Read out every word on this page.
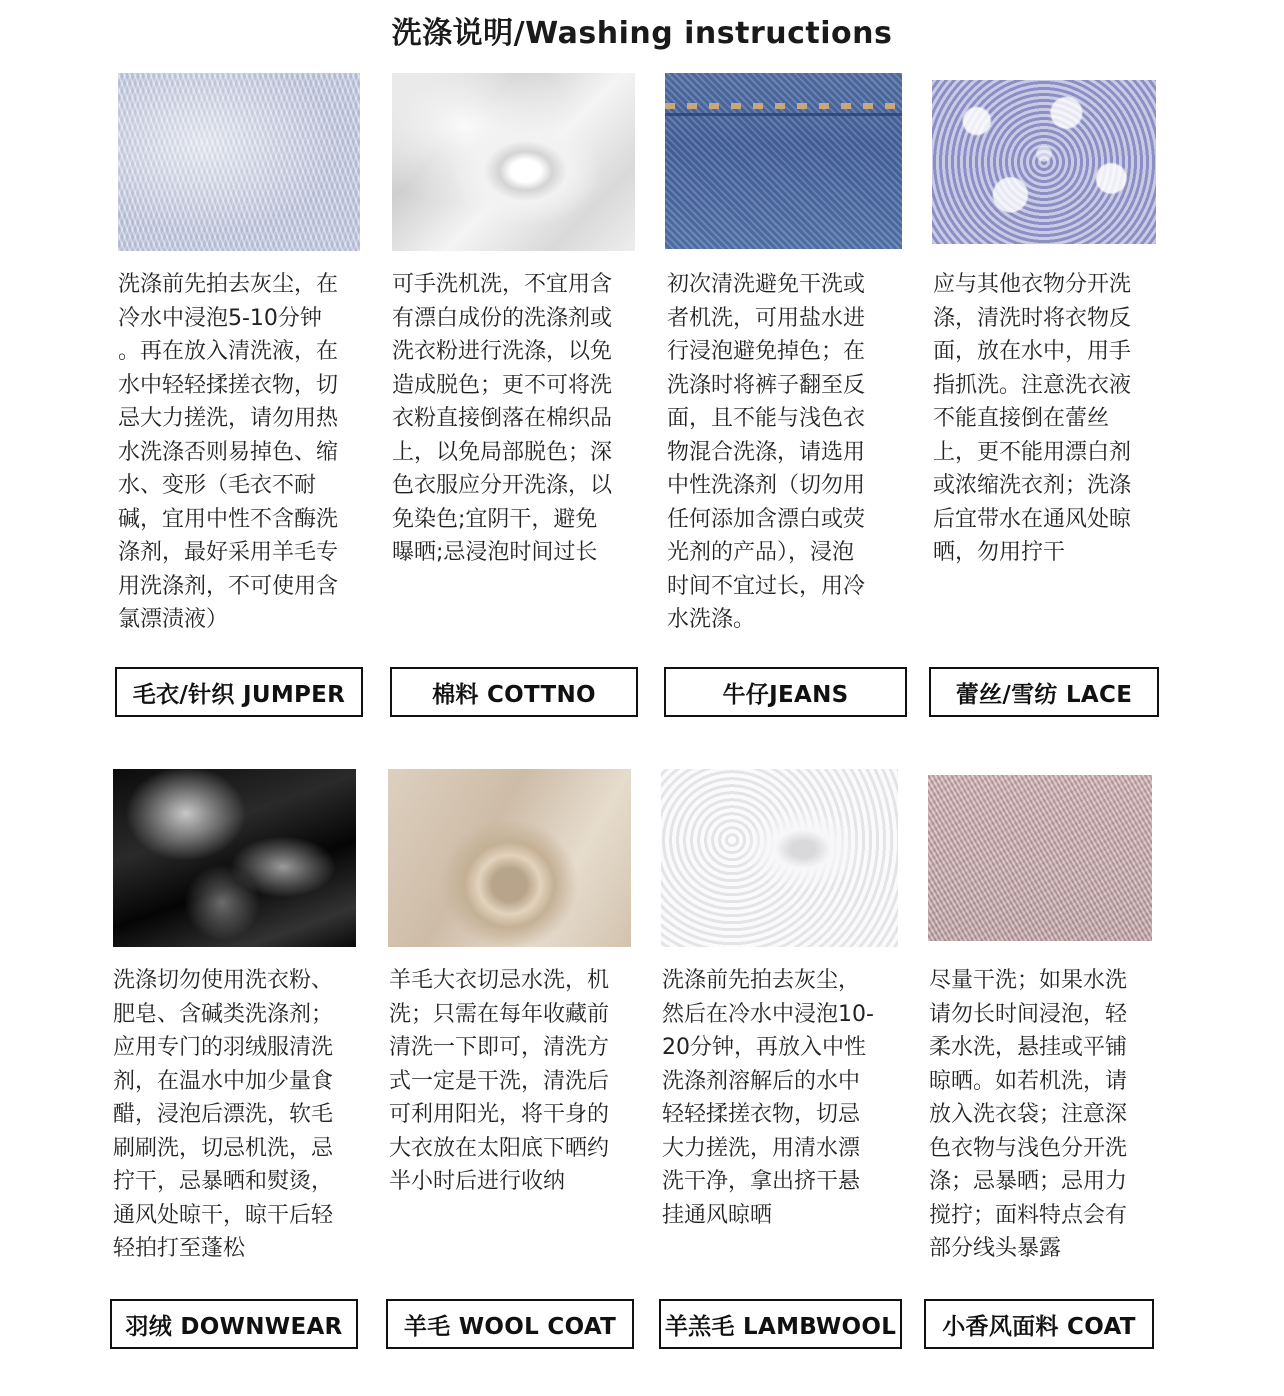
洗涤说明/Washing instructions
洗涤前先拍去灰尘，在
冷水中浸泡5-10分钟
。再在放入清洗液，在
水中轻轻揉搓衣物，切
忌大力搓洗，请勿用热
水洗涤否则易掉色、缩
水、变形（毛衣不耐
碱，宜用中性不含酶洗
涤剂，最好采用羊毛专
用洗涤剂，不可使用含
氯漂渍液）
毛衣/针织 JUMPER
可手洗机洗，不宜用含
有漂白成份的洗涤剂或
洗衣粉进行洗涤，以免
造成脱色；更不可将洗
衣粉直接倒落在棉织品
上，以免局部脱色；深
色衣服应分开洗涤，以
免染色;宜阴干，避免
曝晒;忌浸泡时间过长
棉料 COTTNO
初次清洗避免干洗或
者机洗，可用盐水进
行浸泡避免掉色；在
洗涤时将裤子翻至反
面，且不能与浅色衣
物混合洗涤，请选用
中性洗涤剂（切勿用
任何添加含漂白或荧
光剂的产品），浸泡
时间不宜过长，用冷
水洗涤。
牛仔JEANS
应与其他衣物分开洗
涤，清洗时将衣物反
面，放在水中，用手
指抓洗。注意洗衣液
不能直接倒在蕾丝
上，更不能用漂白剂
或浓缩洗衣剂；洗涤
后宜带水在通风处晾
晒，勿用拧干
蕾丝/雪纺 LACE
洗涤切勿使用洗衣粉、
肥皂、含碱类洗涤剂；
应用专门的羽绒服清洗
剂，在温水中加少量食
醋，浸泡后漂洗，软毛
刷刷洗，切忌机洗，忌
拧干，忌暴晒和熨烫，
通风处晾干，晾干后轻
轻拍打至蓬松
羽绒 DOWNWEAR
羊毛大衣切忌水洗，机
洗；只需在每年收藏前
清洗一下即可，清洗方
式一定是干洗，清洗后
可利用阳光，将干身的
大衣放在太阳底下晒约
半小时后进行收纳
羊毛 WOOL COAT
洗涤前先拍去灰尘，
然后在冷水中浸泡10-
20分钟，再放入中性
洗涤剂溶解后的水中
轻轻揉搓衣物，切忌
大力搓洗，用清水漂
洗干净，拿出挤干悬
挂通风晾晒
羊羔毛 LAMBWOOL
尽量干洗；如果水洗
请勿长时间浸泡，轻
柔水洗，悬挂或平铺
晾晒。如若机洗，请
放入洗衣袋；注意深
色衣物与浅色分开洗
涤；忌暴晒；忌用力
搅拧；面料特点会有
部分线头暴露
小香风面料 COAT
